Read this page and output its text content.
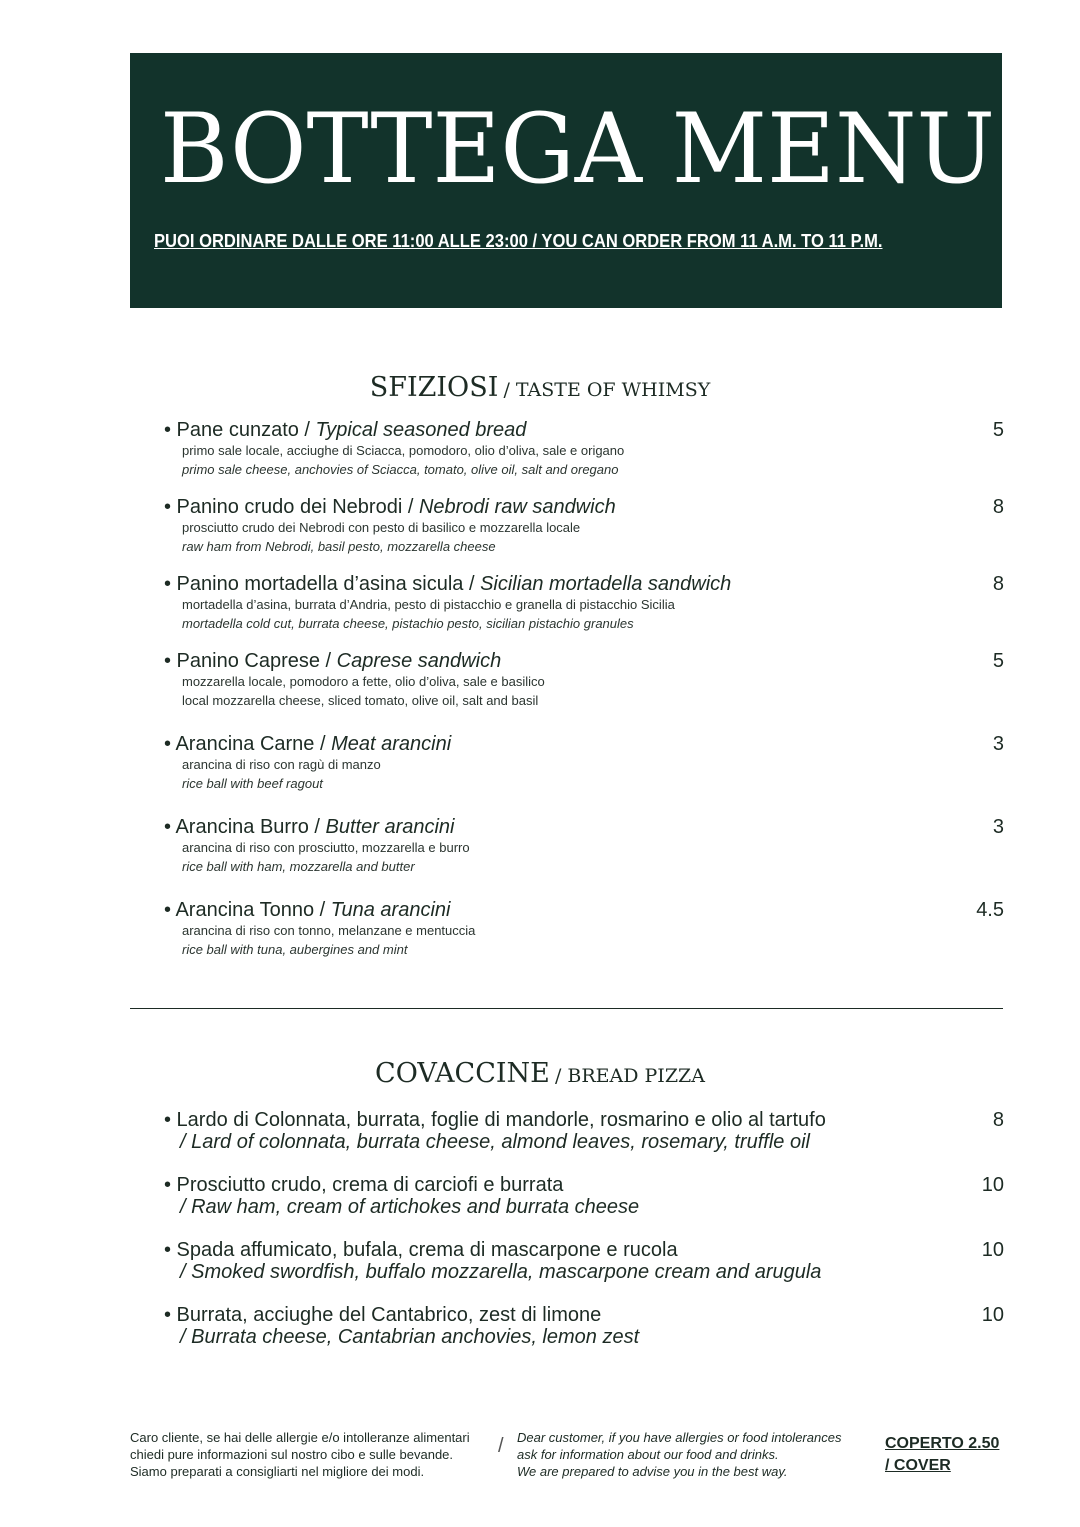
BOTTEGA MENU
PUOI ORDINARE DALLE ORE 11:00 ALLE 23:00 / YOU CAN ORDER FROM 11 A.M. TO 11 P.M.
SFIZIOSI / TASTE OF WHIMSY
• Pane cunzato / Typical seasoned bread
primo sale locale, acciughe di Sciacca, pomodoro, olio d’oliva, sale e origano
primo sale cheese, anchovies of Sciacca, tomato, olive oil, salt and oregano
5
• Panino crudo dei Nebrodi / Nebrodi raw sandwich
prosciutto crudo dei Nebrodi con pesto di basilico e mozzarella locale
raw ham from Nebrodi, basil pesto, mozzarella cheese
8
• Panino mortadella d’asina sicula / Sicilian mortadella sandwich
mortadella d’asina, burrata d’Andria, pesto di pistacchio e granella di pistacchio Sicilia
mortadella cold cut, burrata cheese, pistachio pesto, sicilian pistachio granules
8
• Panino Caprese / Caprese sandwich
mozzarella locale, pomodoro a fette, olio d’oliva, sale e basilico
local mozzarella cheese, sliced tomato, olive oil, salt and basil
5
• Arancina Carne / Meat arancini
arancina di riso con ragù di manzo
rice ball with beef ragout
3
• Arancina Burro / Butter arancini
arancina di riso con prosciutto, mozzarella e burro
rice ball with ham, mozzarella and butter
3
• Arancina Tonno / Tuna arancini
arancina di riso con tonno, melanzane e mentuccia
rice ball with tuna, aubergines and mint
4.5
COVACCINE / BREAD PIZZA
• Lardo di Colonnata, burrata, foglie di mandorle, rosmarino e olio al tartufo
/ Lard of colonnata, burrata cheese, almond leaves, rosemary, truffle oil
8
• Prosciutto crudo, crema di carciofi e burrata
/ Raw ham, cream of artichokes and burrata cheese
10
• Spada affumicato, bufala, crema di mascarpone e rucola
/ Smoked swordfish, buffalo mozzarella, mascarpone cream and arugula
10
• Burrata, acciughe del Cantabrico, zest di limone
/ Burrata cheese, Cantabrian anchovies, lemon zest
10
Caro cliente, se hai delle allergie e/o intolleranze alimentari
chiedi pure informazioni sul nostro cibo e sulle bevande.
Siamo preparati a consigliarti nel migliore dei modi.
/ Dear customer, if you have allergies or food intolerances
ask for information about our food and drinks.
We are prepared to advise you in the best way.
COPERTO 2.50
/ COVER
